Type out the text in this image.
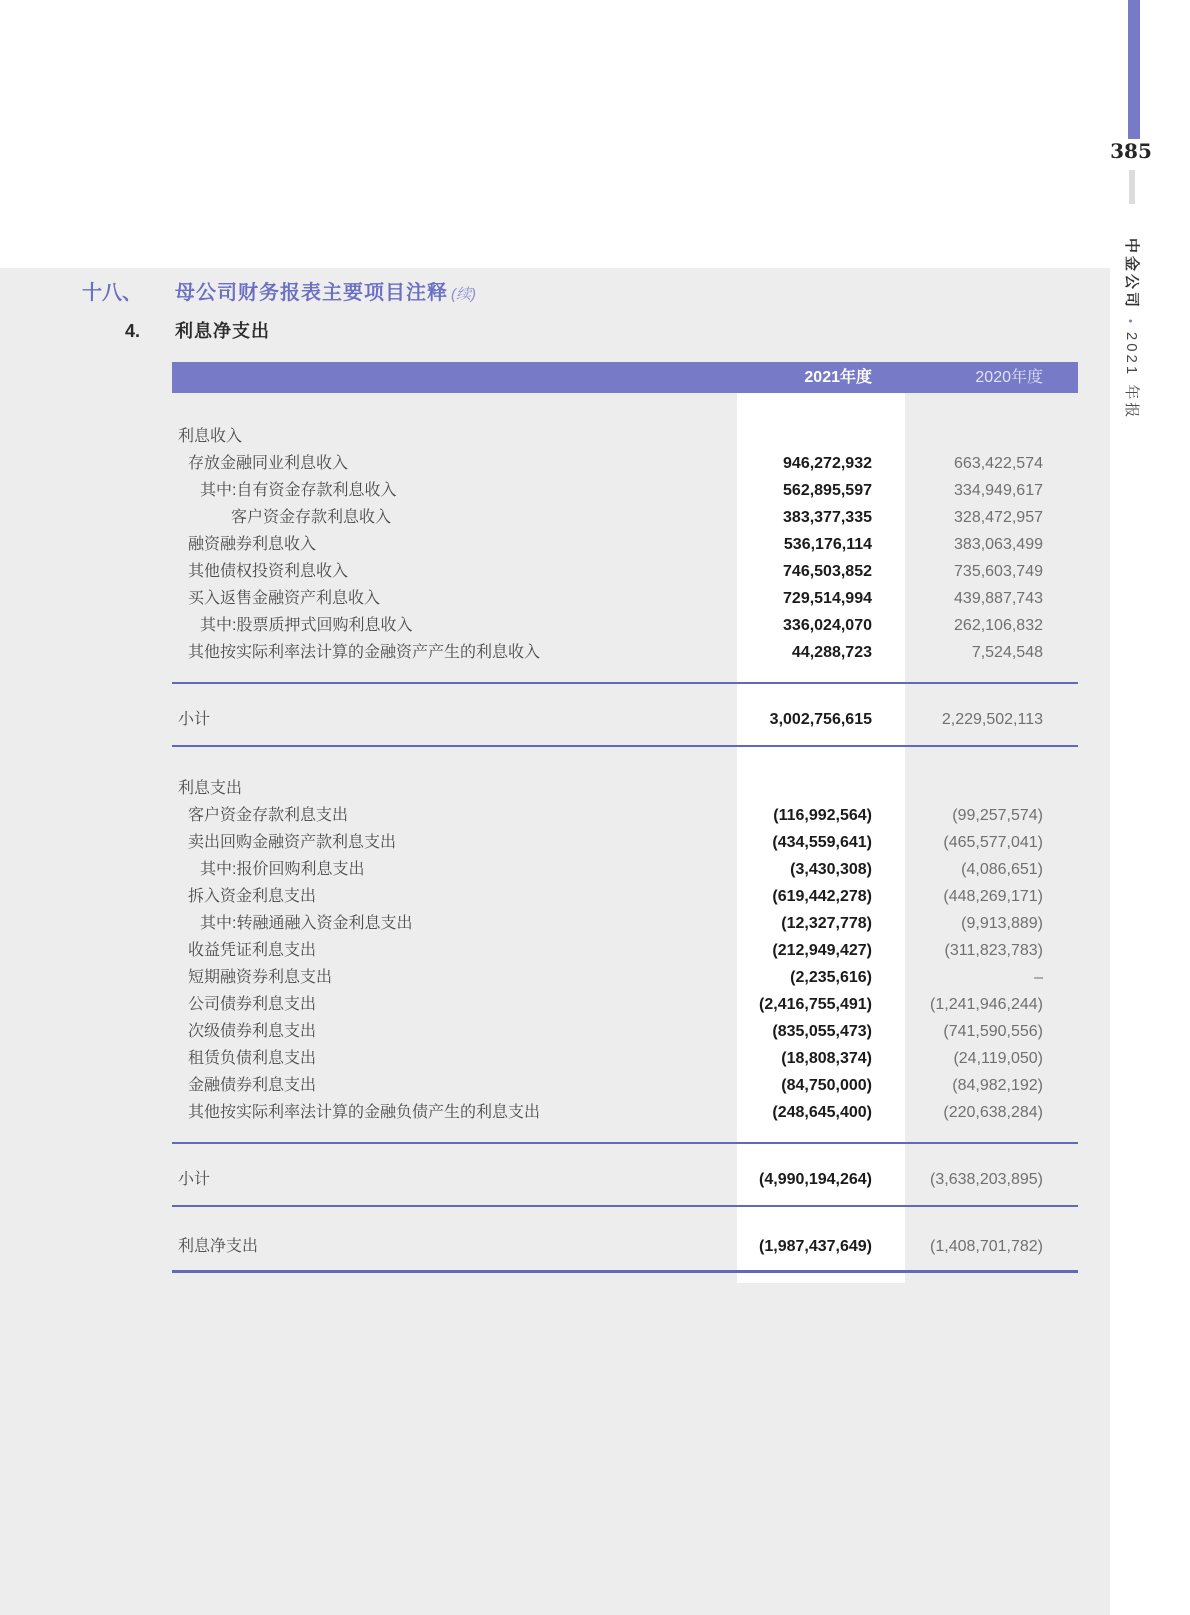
385
中金公司•2021 年报
十八、	母公司财务报表主要项目注释 (续)
4.	利息净支出
2021年度	2020年度
利息收入
存放金融同业利息收入	946,272,932	663,422,574
其中:自有资金存款利息收入	562,895,597	334,949,617
客户资金存款利息收入	383,377,335	328,472,957
融资融券利息收入	536,176,114	383,063,499
其他债权投资利息收入	746,503,852	735,603,749
买入返售金融资产利息收入	729,514,994	439,887,743
其中:股票质押式回购利息收入	336,024,070	262,106,832
其他按实际利率法计算的金融资产产生的利息收入	44,288,723	7,524,548
小计	3,002,756,615	2,229,502,113
利息支出
客户资金存款利息支出	(116,992,564)	(99,257,574)
卖出回购金融资产款利息支出	(434,559,641)	(465,577,041)
其中:报价回购利息支出	(3,430,308)	(4,086,651)
拆入资金利息支出	(619,442,278)	(448,269,171)
其中:转融通融入资金利息支出	(12,327,778)	(9,913,889)
收益凭证利息支出	(212,949,427)	(311,823,783)
短期融资券利息支出	(2,235,616)	–
公司债券利息支出	(2,416,755,491)	(1,241,946,244)
次级债券利息支出	(835,055,473)	(741,590,556)
租赁负债利息支出	(18,808,374)	(24,119,050)
金融债券利息支出	(84,750,000)	(84,982,192)
其他按实际利率法计算的金融负债产生的利息支出	(248,645,400)	(220,638,284)
小计	(4,990,194,264)	(3,638,203,895)
利息净支出	(1,987,437,649)	(1,408,701,782)
